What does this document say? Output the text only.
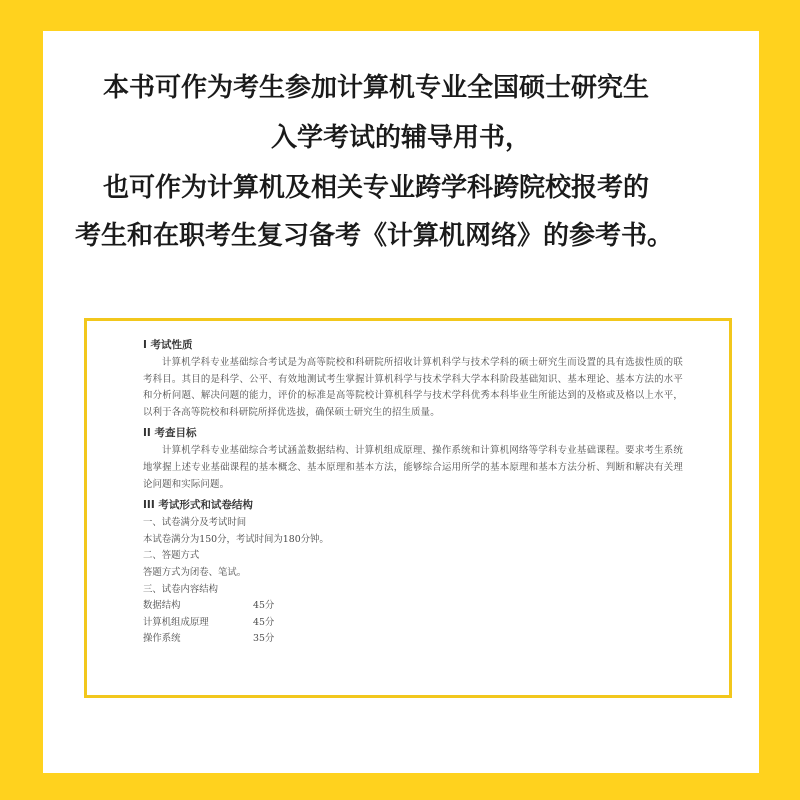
本书可作为考生参加计算机专业全国硕士研究生
入学考试的辅导用书，
也可作为计算机及相关专业跨学科跨院校报考的
考生和在职考生复习备考《计算机网络》的参考书。
I 考试性质
计算机学科专业基础综合考试是为高等院校和科研院所招收计算机科学与技术学科的硕士研究生而设置的具有选拔性质的联考科目。其目的是科学、公平、有效地测试考生掌握计算机科学与技术学科大学本科阶段基础知识、基本理论、基本方法的水平和分析问题、解决问题的能力，评价的标准是高等院校计算机科学与技术学科优秀本科毕业生所能达到的及格或及格以上水平，以利于各高等院校和科研院所择优选拔，确保硕士研究生的招生质量。
II 考查目标
计算机学科专业基础综合考试涵盖数据结构、计算机组成原理、操作系统和计算机网络等学科专业基础课程。要求考生系统地掌握上述专业基础课程的基本概念、基本原理和基本方法，能够综合运用所学的基本原理和基本方法分析、判断和解决有关理论问题和实际问题。
III 考试形式和试卷结构
一、试卷满分及考试时间
本试卷满分为150分，考试时间为180分钟。
二、答题方式
答题方式为闭卷、笔试。
三、试卷内容结构
数据结构	45分
计算机组成原理	45分
操作系统	35分
